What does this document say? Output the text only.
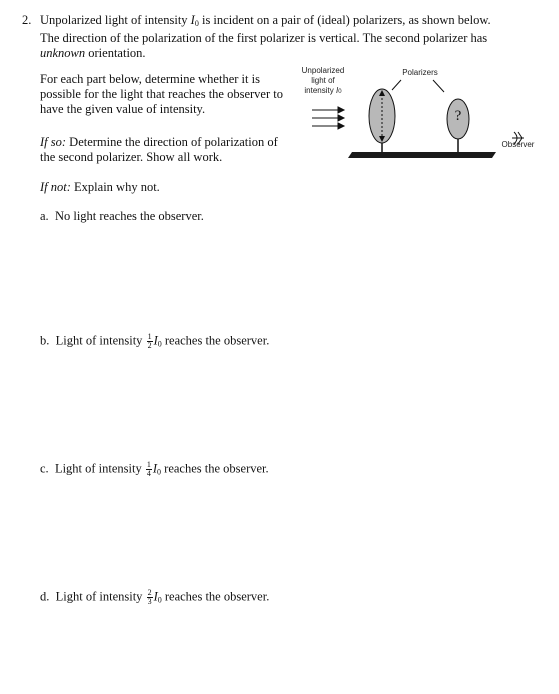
2. Unpolarized light of intensity $I_0$ is incident on a pair of (ideal) polarizers, as shown below.
The direction of the polarization of the first polarizer is vertical. The second polarizer has
unknown orientation.
For each part below, determine whether it is possible for the light that reaches the observer to have the given value of intensity.
If so: Determine the direction of polarization of the second polarizer. Show all work.
If not: Explain why not.
Unpolarized
light of
intensity I0
Polarizers
Observer
?
a. No light reaches the observer.
b. Light of intensity $\frac{1}{2} I_0$ reaches the observer.
c. Light of intensity $\frac{1}{4} I_0$ reaches the observer.
d. Light of intensity $\frac{2}{3} I_0$ reaches the observer.
